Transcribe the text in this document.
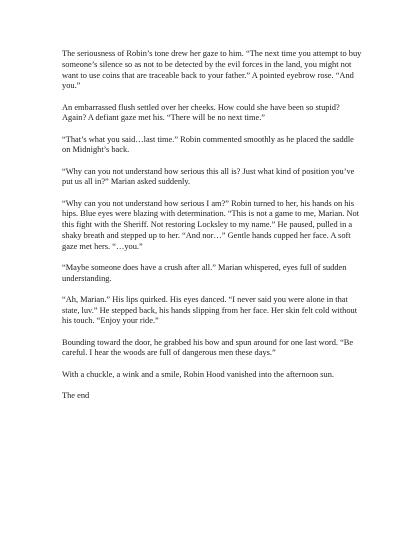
The seriousness of Robin’s tone drew her gaze to him. “The next time you attempt to buy someone’s silence so as not to be detected by the evil forces in the land, you might not want to use coins that are traceable back to your father.” A pointed eyebrow rose. “And you.”

An embarrassed flush settled over her cheeks. How could she have been so stupid? Again? A defiant gaze met his. “There will be no next time.”

“That’s what you said…last time.” Robin commented smoothly as he placed the saddle on Midnight’s back.

“Why can you not understand how serious this all is? Just what kind of position you’ve put us all in?” Marian asked suddenly.

“Why can you not understand how serious I am?” Robin turned to her, his hands on his hips. Blue eyes were blazing with determination. “This is not a game to me, Marian. Not this fight with the Sheriff. Not restoring Locksley to my name.” He paused, pulled in a shaky breath and stepped up to her. “And nor…” Gentle hands cupped her face. A soft gaze met hers. “…you.”

“Maybe someone does have a crush after all.” Marian whispered, eyes full of sudden understanding.

“Ah, Marian.” His lips quirked. His eyes danced. “I never said you were alone in that state, luv.” He stepped back, his hands slipping from her face. Her skin felt cold without his touch. “Enjoy your ride.”

Bounding toward the door, he grabbed his bow and spun around for one last word. “Be careful. I hear the woods are full of dangerous men these days.”

With a chuckle, a wink and a smile, Robin Hood vanished into the afternoon sun.

The end
